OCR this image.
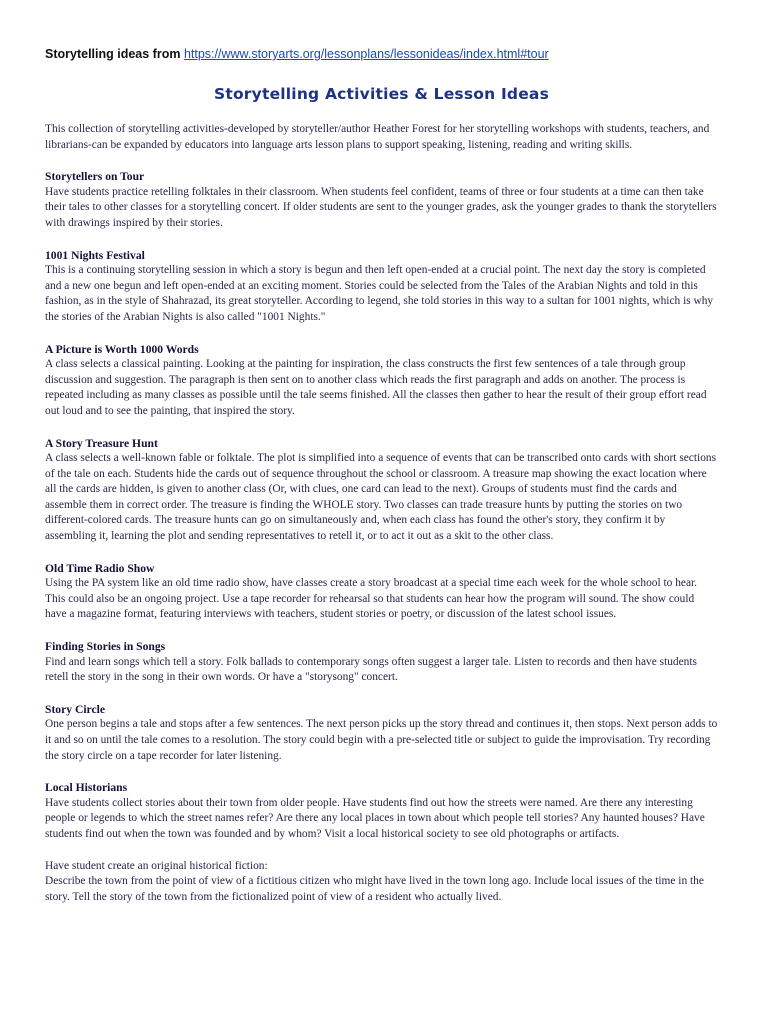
Storytelling ideas from https://www.storyarts.org/lessonplans/lessonideas/index.html#tour

Storytelling Activities & Lesson Ideas

This collection of storytelling activities-developed by storyteller/author Heather Forest for her storytelling workshops with students, teachers, and librarians-can be expanded by educators into language arts lesson plans to support speaking, listening, reading and writing skills.

Storytellers on Tour

Have students practice retelling folktales in their classroom. When students feel confident, teams of three or four students at a time can then take their tales to other classes for a storytelling concert. If older students are sent to the younger grades, ask the younger grades to thank the storytellers with drawings inspired by their stories.

1001 Nights Festival

This is a continuing storytelling session in which a story is begun and then left open-ended at a crucial point. The next day the story is completed and a new one begun and left open-ended at an exciting moment. Stories could be selected from the Tales of the Arabian Nights and told in this fashion, as in the style of Shahrazad, its great storyteller. According to legend, she told stories in this way to a sultan for 1001 nights, which is why the stories of the Arabian Nights is also called "1001 Nights."

A Picture is Worth 1000 Words

A class selects a classical painting. Looking at the painting for inspiration, the class constructs the first few sentences of a tale through group discussion and suggestion. The paragraph is then sent on to another class which reads the first paragraph and adds on another. The process is repeated including as many classes as possible until the tale seems finished. All the classes then gather to hear the result of their group effort read out loud and to see the painting, that inspired the story.

A Story Treasure Hunt

A class selects a well-known fable or folktale. The plot is simplified into a sequence of events that can be transcribed onto cards with short sections of the tale on each. Students hide the cards out of sequence throughout the school or classroom. A treasure map showing the exact location where all the cards are hidden, is given to another class (Or, with clues, one card can lead to the next). Groups of students must find the cards and assemble them in correct order. The treasure is finding the WHOLE story. Two classes can trade treasure hunts by putting the stories on two different-colored cards. The treasure hunts can go on simultaneously and, when each class has found the other's story, they confirm it by assembling it, learning the plot and sending representatives to retell it, or to act it out as a skit to the other class.

Old Time Radio Show

Using the PA system like an old time radio show, have classes create a story broadcast at a special time each week for the whole school to hear. This could also be an ongoing project. Use a tape recorder for rehearsal so that students can hear how the program will sound. The show could have a magazine format, featuring interviews with teachers, student stories or poetry, or discussion of the latest school issues.

Finding Stories in Songs

Find and learn songs which tell a story. Folk ballads to contemporary songs often suggest a larger tale. Listen to records and then have students retell the story in the song in their own words. Or have a "storysong" concert.

Story Circle

One person begins a tale and stops after a few sentences. The next person picks up the story thread and continues it, then stops. Next person adds to it and so on until the tale comes to a resolution. The story could begin with a pre-selected title or subject to guide the improvisation. Try recording the story circle on a tape recorder for later listening.

Local Historians

Have students collect stories about their town from older people. Have students find out how the streets were named. Are there any interesting people or legends to which the street names refer? Are there any local places in town about which people tell stories? Any haunted houses? Have students find out when the town was founded and by whom? Visit a local historical society to see old photographs or artifacts.

Have student create an original historical fiction:

Describe the town from the point of view of a fictitious citizen who might have lived in the town long ago. Include local issues of the time in the story. Tell the story of the town from the fictionalized point of view of a resident who actually lived.
